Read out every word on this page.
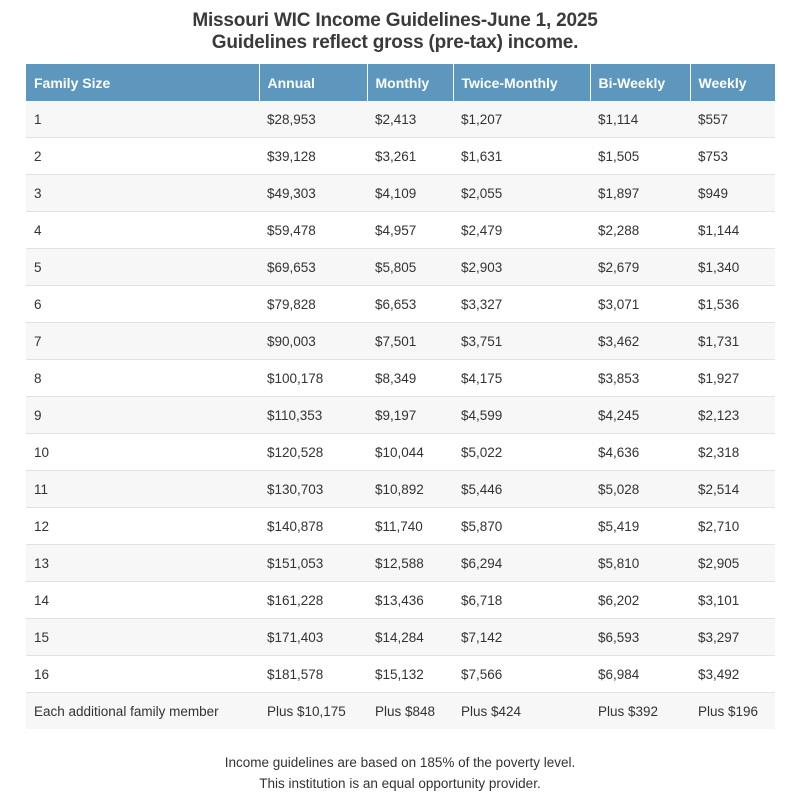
Missouri WIC Income Guidelines-June 1, 2025
Guidelines reflect gross (pre-tax) income.
Family Size	Annual	Monthly	Twice-Monthly	Bi-Weekly	Weekly
1	$28,953	$2,413	$1,207	$1,114	$557
2	$39,128	$3,261	$1,631	$1,505	$753
3	$49,303	$4,109	$2,055	$1,897	$949
4	$59,478	$4,957	$2,479	$2,288	$1,144
5	$69,653	$5,805	$2,903	$2,679	$1,340
6	$79,828	$6,653	$3,327	$3,071	$1,536
7	$90,003	$7,501	$3,751	$3,462	$1,731
8	$100,178	$8,349	$4,175	$3,853	$1,927
9	$110,353	$9,197	$4,599	$4,245	$2,123
10	$120,528	$10,044	$5,022	$4,636	$2,318
11	$130,703	$10,892	$5,446	$5,028	$2,514
12	$140,878	$11,740	$5,870	$5,419	$2,710
13	$151,053	$12,588	$6,294	$5,810	$2,905
14	$161,228	$13,436	$6,718	$6,202	$3,101
15	$171,403	$14,284	$7,142	$6,593	$3,297
16	$181,578	$15,132	$7,566	$6,984	$3,492
Each additional family member	Plus $10,175	Plus $848	Plus $424	Plus $392	Plus $196
Income guidelines are based on 185% of the poverty level.
This institution is an equal opportunity provider.
